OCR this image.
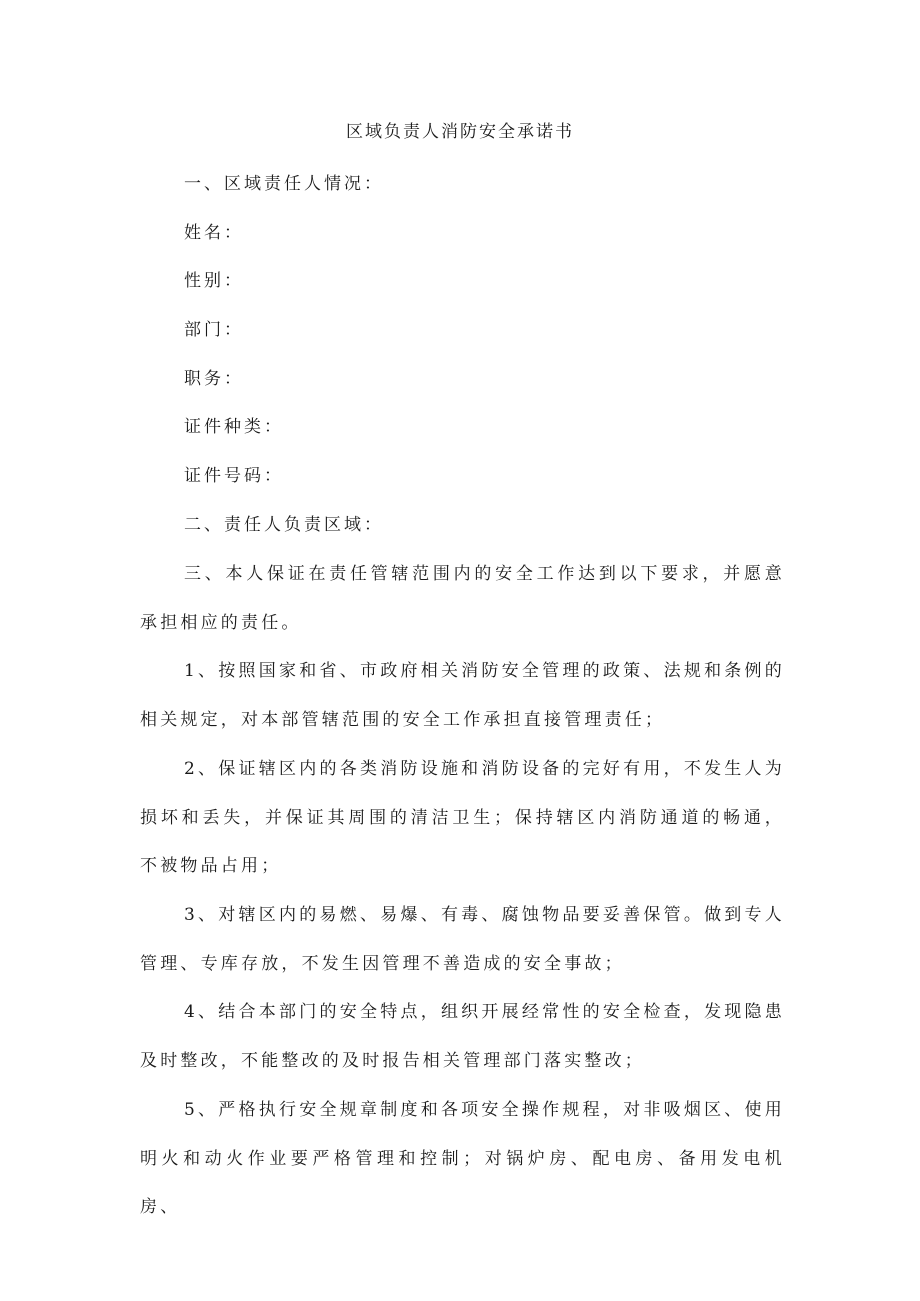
区域负责人消防安全承诺书
一、区域责任人情况：
姓名：
性别：
部门：
职务：
证件种类：
证件号码：
二、责任人负责区域：

三、本人保证在责任管辖范围内的安全工作达到以下要求，并愿意承担相应的责任。

1、按照国家和省、市政府相关消防安全管理的政策、法规和条例的相关规定，对本部管辖范围的安全工作承担直接管理责任；

2、保证辖区内的各类消防设施和消防设备的完好有用，不发生人为损坏和丢失，并保证其周围的清洁卫生；保持辖区内消防通道的畅通，不被物品占用；

3、对辖区内的易燃、易爆、有毒、腐蚀物品要妥善保管。做到专人管理、专库存放，不发生因管理不善造成的安全事故；

4、结合本部门的安全特点，组织开展经常性的安全检查，发现隐患及时整改，不能整改的及时报告相关管理部门落实整改；

5、严格执行安全规章制度和各项安全操作规程，对非吸烟区、使用明火和动火作业要严格管理和控制；对锅炉房、配电房、备用发电机房、
